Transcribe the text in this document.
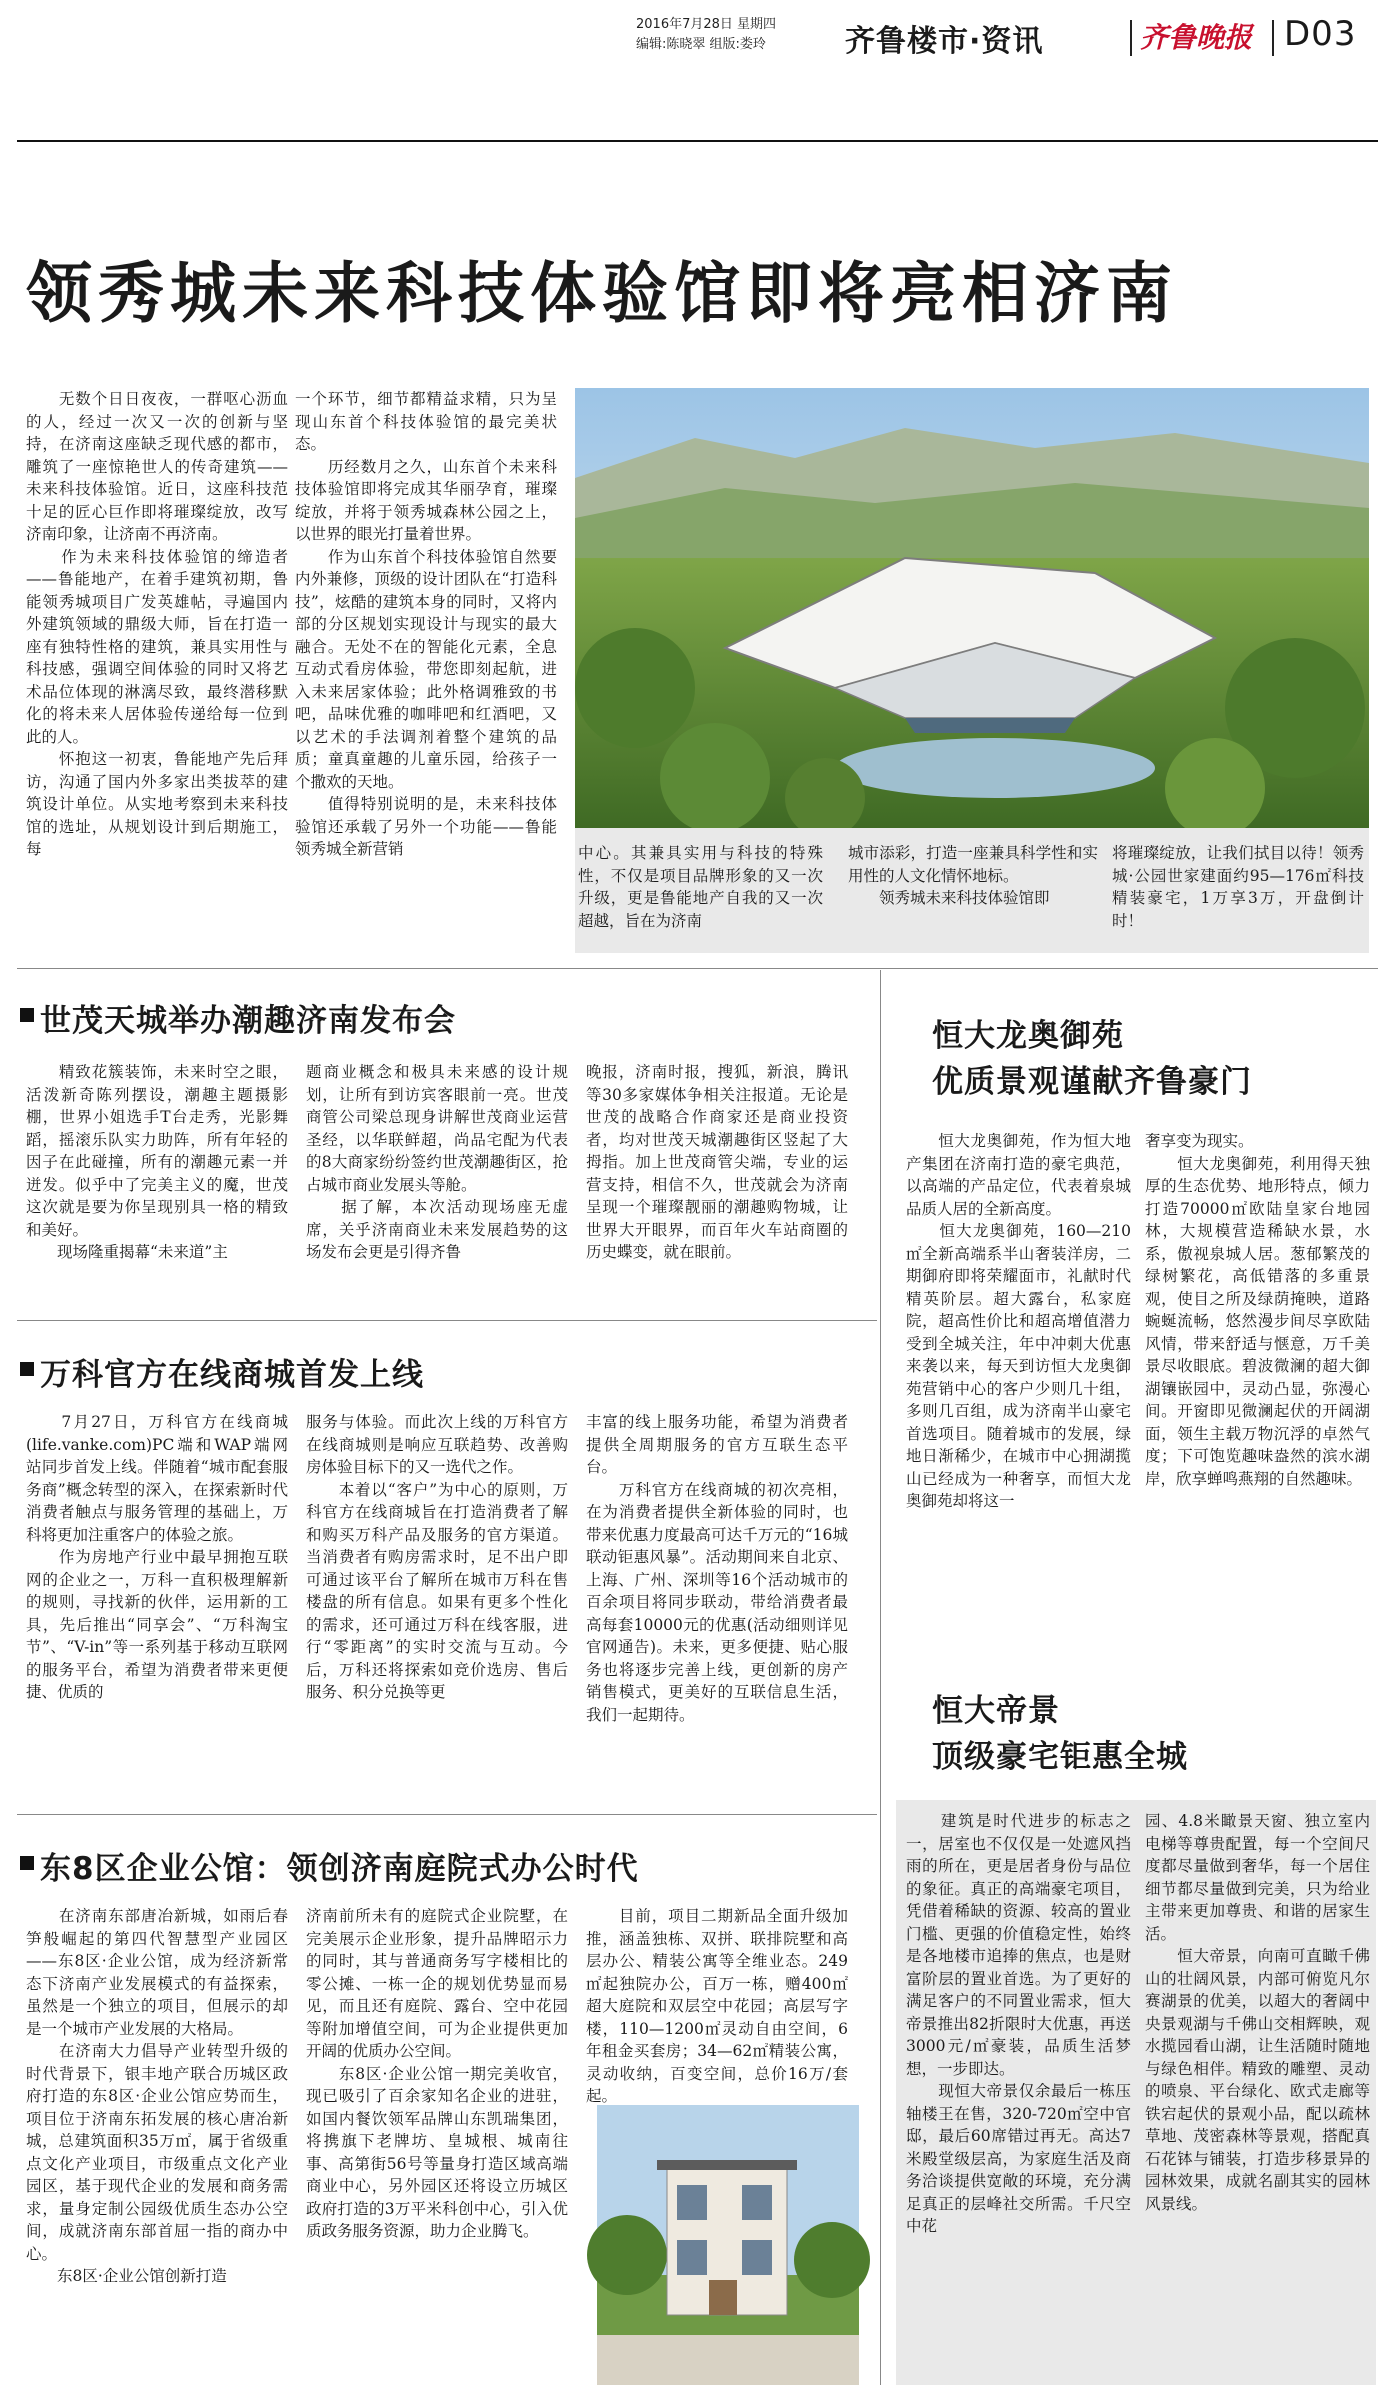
2016年7月28日 星期四
编辑:陈晓翠 组版:娄玲	齐鲁楼市·资讯	齐鲁晚报 D03
领秀城未来科技体验馆即将亮相济南
　　无数个日日夜夜，一群呕心沥血的人，经过一次又一次的创新与坚持，在济南这座缺乏现代感的都市，雕筑了一座惊艳世人的传奇建筑——未来科技体验馆。近日，这座科技范十足的匠心巨作即将璀璨绽放，改写济南印象，让济南不再济南。
　　作为未来科技体验馆的缔造者——鲁能地产，在着手建筑初期，鲁能领秀城项目广发英雄帖，寻遍国内外建筑领域的鼎级大师，旨在打造一座有独特性格的建筑，兼具实用性与科技感，强调空间体验的同时又将艺术品位体现的淋漓尽致，最终潜移默化的将未来人居体验传递给每一位到此的人。
　　怀抱这一初衷，鲁能地产先后拜访，沟通了国内外多家出类拔萃的建筑设计单位。从实地考察到未来科技馆的选址，从规划设计到后期施工，每
一个环节，细节都精益求精，只为呈现山东首个科技体验馆的最完美状态。
　　历经数月之久，山东首个未来科技体验馆即将完成其华丽孕育，璀璨绽放，并将于领秀城森林公园之上，以世界的眼光打量着世界。
　　作为山东首个科技体验馆自然要内外兼修，顶级的设计团队在“打造科技”，炫酷的建筑本身的同时，又将内部的分区规划实现设计与现实的最大融合。无处不在的智能化元素，全息互动式看房体验，带您即刻起航，进入未来居家体验；此外格调雅致的书吧，品味优雅的咖啡吧和红酒吧，又以艺术的手法调剂着整个建筑的品质；童真童趣的儿童乐园，给孩子一个撒欢的天地。
　　值得特别说明的是，未来科技体验馆还承载了另外一个功能——鲁能领秀城全新营销	中心。其兼具实用与科技的特殊性，不仅是项目品牌形象的又一次升级，更是鲁能地产自我的又一次超越，旨在为济南
城市添彩，打造一座兼具科学性和实用性的人文化情怀地标。
　　领秀城未来科技体验馆即
将璀璨绽放，让我们拭目以待！领秀城·公园世家建面约95—176㎡科技精装豪宅，1万享3万，开盘倒计时！
世茂天城举办潮趣济南发布会
　　精致花簇装饰，未来时空之眼，活泼新奇陈列摆设，潮趣主题摄影棚，世界小姐选手T台走秀，光影舞蹈，摇滚乐队实力助阵，所有年轻的因子在此碰撞，所有的潮趣元素一并迸发。似乎中了完美主义的魔，世茂这次就是要为你呈现别具一格的精致和美好。
　　现场隆重揭幕“未来道”主
题商业概念和极具未来感的设计规划，让所有到访宾客眼前一亮。世茂商管公司梁总现身讲解世茂商业运营圣经，以华联鲜超，尚品宅配为代表的8大商家纷纷签约世茂潮趣街区，抢占城市商业发展头等舱。
　　据了解，本次活动现场座无虚席，关乎济南商业未来发展趋势的这场发布会更是引得齐鲁
晚报，济南时报，搜狐，新浪，腾讯等30多家媒体争相关注报道。无论是世茂的战略合作商家还是商业投资者，均对世茂天城潮趣街区竖起了大拇指。加上世茂商管尖端，专业的运营支持，相信不久，世茂就会为济南呈现一个璀璨靓丽的潮趣购物城，让世界大开眼界，而百年火车站商圈的历史蝶变，就在眼前。
万科官方在线商城首发上线
　　7月27日，万科官方在线商城(life.vanke.com)PC端和WAP端网站同步首发上线。伴随着“城市配套服务商”概念转型的深入，在探索新时代消费者触点与服务管理的基础上，万科将更加注重客户的体验之旅。
　　作为房地产行业中最早拥抱互联网的企业之一，万科一直积极理解新的规则，寻找新的伙伴，运用新的工具，先后推出“同享会”、“万科淘宝节”、“V-in”等一系列基于移动互联网的服务平台，希望为消费者带来更便捷、优质的
服务与体验。而此次上线的万科官方在线商城则是响应互联趋势、改善购房体验目标下的又一选代之作。
　　本着以“客户”为中心的原则，万科官方在线商城旨在打造消费者了解和购买万科产品及服务的官方渠道。当消费者有购房需求时，足不出户即可通过该平台了解所在城市万科在售楼盘的所有信息。如果有更多个性化的需求，还可通过万科在线客服，进行“零距离”的实时交流与互动。今后，万科还将探索如竞价选房、售后服务、积分兑换等更
丰富的线上服务功能，希望为消费者提供全周期服务的官方互联生态平台。
　　万科官方在线商城的初次亮相，在为消费者提供全新体验的同时，也带来优惠力度最高可达千万元的“16城联动钜惠风暴”。活动期间来自北京、上海、广州、深圳等16个活动城市的百余项目将同步联动，带给消费者最高每套10000元的优惠(活动细则详见官网通告)。未来，更多便捷、贴心服务也将逐步完善上线，更创新的房产销售模式，更美好的互联信息生活，我们一起期待。
东8区企业公馆：领创济南庭院式办公时代
　　在济南东部唐冶新城，如雨后春笋般崛起的第四代智慧型产业园区——东8区·企业公馆，成为经济新常态下济南产业发展模式的有益探索，虽然是一个独立的项目，但展示的却是一个城市产业发展的大格局。
　　在济南大力倡导产业转型升级的时代背景下，银丰地产联合历城区政府打造的东8区·企业公馆应势而生，项目位于济南东拓发展的核心唐冶新城，总建筑面积35万㎡，属于省级重点文化产业项目，市级重点文化产业园区，基于现代企业的发展和商务需求，量身定制公园级优质生态办公空间，成就济南东部首屈一指的商办中心。
　　东8区·企业公馆创新打造
济南前所未有的庭院式企业院墅，在完美展示企业形象，提升品牌昭示力的同时，其与普通商务写字楼相比的零公摊、一栋一企的规划优势显而易见，而且还有庭院、露台、空中花园等附加增值空间，可为企业提供更加开阔的优质办公空间。
　　东8区·企业公馆一期完美收官，现已吸引了百余家知名企业的进驻，如国内餐饮领军品牌山东凯瑞集团，将携旗下老牌坊、皇城根、城南往事、高第街56号等量身打造区域高端商业中心，另外园区还将设立历城区政府打造的3万平米科创中心，引入优质政务服务资源，助力企业腾飞。
　　目前，项目二期新品全面升级加推，涵盖独栋、双拼、联排院墅和高层办公、精装公寓等全维业态。249㎡起独院办公，百万一栋，赠400㎡超大庭院和双层空中花园；高层写字楼，110—1200㎡灵动自由空间，6年租金买套房；34—62㎡精装公寓，灵动收纳，百变空间，总价16万/套起。
恒大龙奥御苑
优质景观谨献齐鲁豪门
　　恒大龙奥御苑，作为恒大地产集团在济南打造的豪宅典范，以高端的产品定位，代表着泉城品质人居的全新高度。
　　恒大龙奥御苑，160—210㎡全新高端系半山奢装洋房，二期御府即将荣耀面市，礼献时代精英阶层。超大露台，私家庭院，超高性价比和超高增值潜力受到全城关注，年中冲刺大优惠来袭以来，每天到访恒大龙奥御苑营销中心的客户少则几十组，多则几百组，成为济南半山豪宅首选项目。随着城市的发展，绿地日渐稀少，在城市中心拥湖揽山已经成为一种奢享，而恒大龙奥御苑却将这一
奢享变为现实。
　　恒大龙奥御苑，利用得天独厚的生态优势、地形特点，倾力打造70000㎡欧陆皇家台地园林，大规模营造稀缺水景，水系，傲视泉城人居。葱郁繁茂的绿树繁花，高低错落的多重景观，使目之所及绿荫掩映，道路蜿蜒流畅，悠然漫步间尽享欧陆风情，带来舒适与惬意，万千美景尽收眼底。碧波微澜的超大御湖镶嵌园中，灵动凸显，弥漫心间。开窗即见微澜起伏的开阔湖面，领生主载万物沉浮的卓然气度；下可饱览趣味盎然的滨水湖岸，欣享蝉鸣燕翔的自然趣味。
恒大帝景
顶级豪宅钜惠全城
　　建筑是时代进步的标志之一，居室也不仅仅是一处遮风挡雨的所在，更是居者身份与品位的象征。真正的高端豪宅项目，凭借着稀缺的资源、较高的置业门槛、更强的价值稳定性，始终是各地楼市追捧的焦点，也是财富阶层的置业首选。为了更好的满足客户的不同置业需求，恒大帝景推出82折限时大优惠，再送3000元/㎡豪装，品质生活梦想，一步即达。
　　现恒大帝景仅余最后一栋压轴楼王在售，320-720㎡空中官邸，最后60席错过再无。高达7米殿堂级层高，为家庭生活及商务洽谈提供宽敞的环境，充分满足真正的层峰社交所需。千尺空中花
园、4.8米瞰景天窗、独立室内电梯等尊贵配置，每一个空间尺度都尽量做到奢华，每一个居住细节都尽量做到完美，只为给业主带来更加尊贵、和谐的居家生活。
　　恒大帝景，向南可直瞰千佛山的壮阔风景，内部可俯览凡尔赛湖景的优美，以超大的奢阔中央景观湖与千佛山交相辉映，观水揽园看山湖，让生活随时随地与绿色相伴。精致的雕塑、灵动的喷泉、平台绿化、欧式走廊等铁宕起伏的景观小品，配以疏林草地、茂密森林等景观，搭配真石花钵与铺装，打造步移景异的园林效果，成就名副其实的园林风景线。
